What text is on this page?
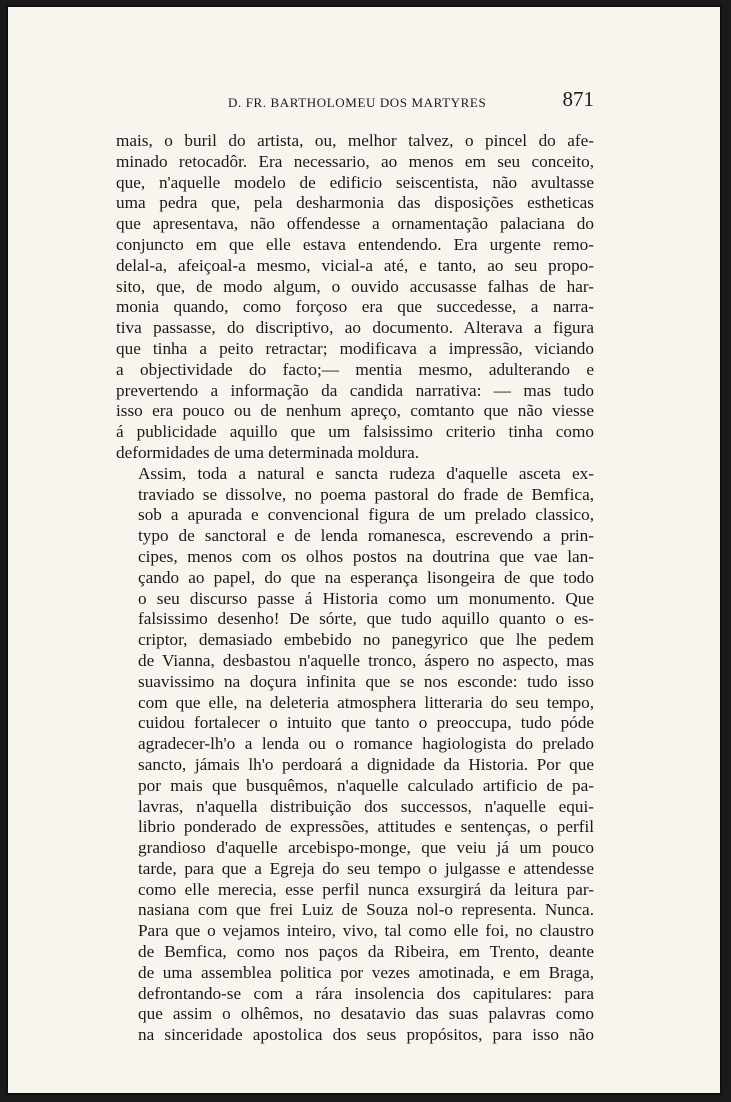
D. FR. BARTHOLOMEU DOS MARTYRES	871

mais, o buril do artista, ou, melhor talvez, o pincel do afe-
minado retocadôr. Era necessario, ao menos em seu conceito,
que, n'aquelle modelo de edificio seiscentista, não avultasse
uma pedra que, pela desharmonia das disposições estheticas
que apresentava, não offendesse a ornamentação palaciana do
conjuncto em que elle estava entendendo. Era urgente remo-
delal-a, afeiçoal-a mesmo, vicial-a até, e tanto, ao seu propo-
sito, que, de modo algum, o ouvido accusasse falhas de har-
monia quando, como forçoso era que succedesse, a narra-
tiva passasse, do discriptivo, ao documento. Alterava a figura
que tinha a peito retractar; modificava a impressão, viciando
a objectividade do facto;— mentia mesmo, adulterando e
prevertendo a informação da candida narrativa: — mas tudo
isso era pouco ou de nenhum apreço, comtanto que não viesse
á publicidade aquillo que um falsissimo criterio tinha como
deformidades de uma determinada moldura.

Assim, toda a natural e sancta rudeza d'aquelle asceta ex-
traviado se dissolve, no poema pastoral do frade de Bemfica,
sob a apurada e convencional figura de um prelado classico,
typo de sanctoral e de lenda romanesca, escrevendo a prin-
cipes, menos com os olhos postos na doutrina que vae lan-
çando ao papel, do que na esperança lisongeira de que todo
o seu discurso passe á Historia como um monumento. Que
falsissimo desenho! De sórte, que tudo aquillo quanto o es-
criptor, demasiado embebido no panegyrico que lhe pedem
de Vianna, desbastou n'aquelle tronco, áspero no aspecto, mas
suavissimo na doçura infinita que se nos esconde: tudo isso
com que elle, na deleteria atmosphera litteraria do seu tempo,
cuidou fortalecer o intuito que tanto o preoccupa, tudo póde
agradecer-lh'o a lenda ou o romance hagiologista do prelado
sancto, jámais lh'o perdoará a dignidade da Historia. Por que
por mais que busquêmos, n'aquelle calculado artificio de pa-
lavras, n'aquella distribuição dos successos, n'aquelle equi-
librio ponderado de expressões, attitudes e sentenças, o perfil
grandioso d'aquelle arcebispo-monge, que veiu já um pouco
tarde, para que a Egreja do seu tempo o julgasse e attendesse
como elle merecia, esse perfil nunca exsurgirá da leitura par-
nasiana com que frei Luiz de Souza nol-o representa. Nunca.
Para que o vejamos inteiro, vivo, tal como elle foi, no claustro
de Bemfica, como nos paços da Ribeira, em Trento, deante
de uma assemblea politica por vezes amotinada, e em Braga,
defrontando-se com a rára insolencia dos capitulares: para
que assim o olhêmos, no desatavio das suas palavras como
na sinceridade apostolica dos seus propósitos, para isso não
